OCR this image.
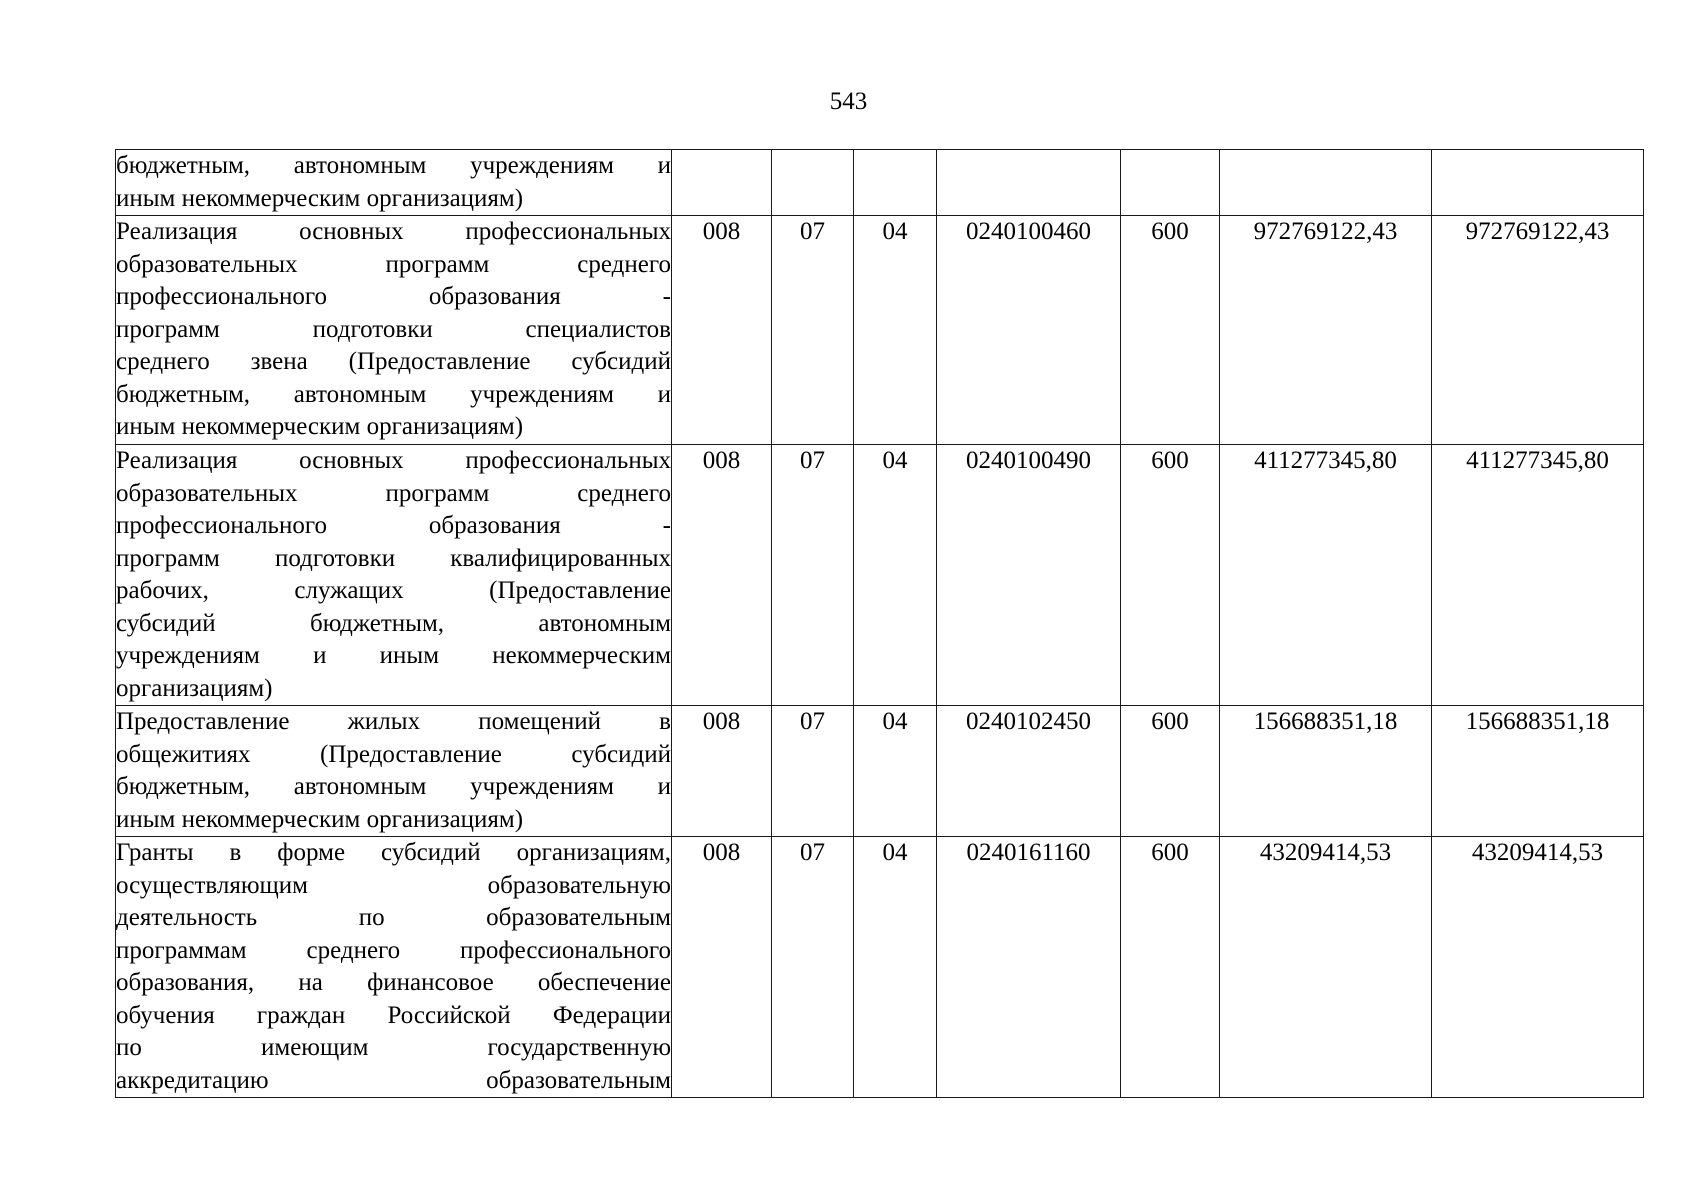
543
бюджетным, автономным учреждениям и
иным некоммерческим организациям)							

Реализация основных профессиональных
образовательных программ среднего
профессионального образования -
программ подготовки специалистов
среднего звена (Предоставление субсидий
бюджетным, автономным учреждениям и
иным некоммерческим организациям)
	008	07	04	0240100460	600	972769122,43	972769122,43

Реализация основных профессиональных
образовательных программ среднего
профессионального образования -
программ подготовки квалифицированных
рабочих, служащих (Предоставление
субсидий бюджетным, автономным
учреждениям и иным некоммерческим
организациям)
	008	07	04	0240100490	600	411277345,80	411277345,80

Предоставление жилых помещений в
общежитиях (Предоставление субсидий
бюджетным, автономным учреждениям и
иным некоммерческим организациям)	008	07	04	0240102450	600	156688351,18	156688351,18

Гранты в форме субсидий организациям,
осуществляющим образовательную
деятельность по образовательным
программам среднего профессионального
образования, на финансовое обеспечение
обучения граждан Российской Федерации
по имеющим государственную
аккредитацию образовательным
	008	07	04	0240161160	600	43209414,53	43209414,53
